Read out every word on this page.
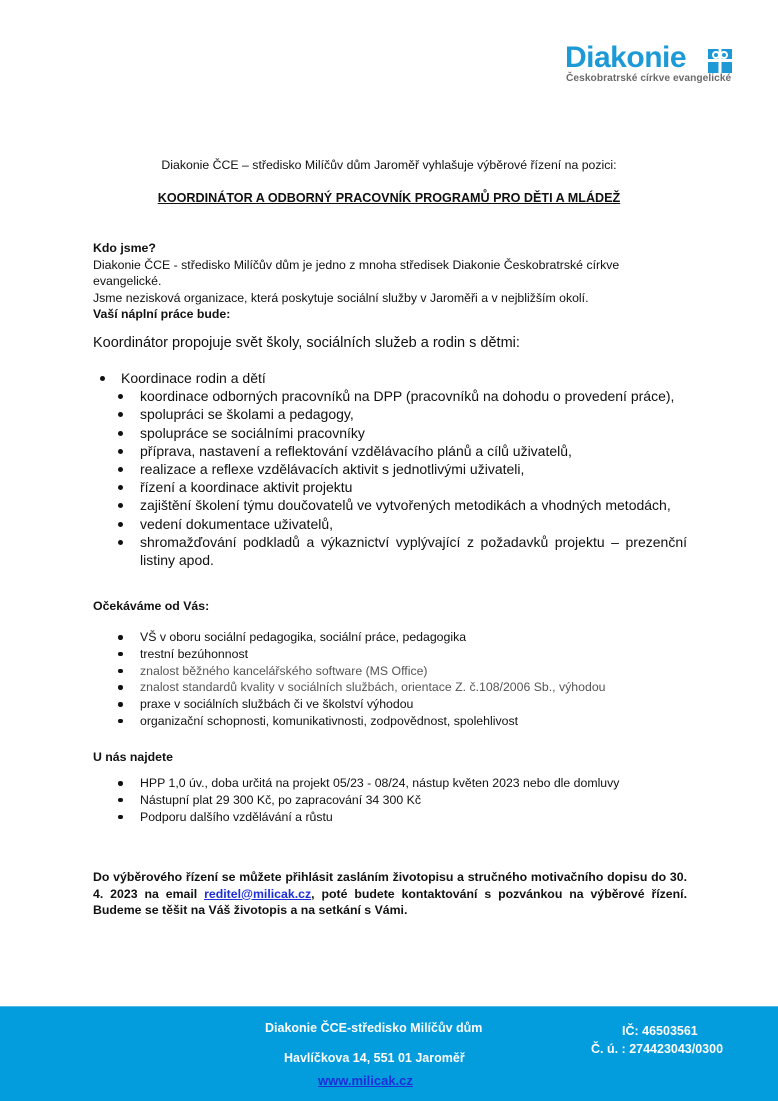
Diakonie
Českobratrské církve evangelické
Diakonie ČCE – středisko Milíčův dům Jaroměř vyhlašuje výběrové řízení na pozici:
KOORDINÁTOR A ODBORNÝ PRACOVNÍK PROGRAMŮ PRO DĚTI A MLÁDEŽ

Kdo jsme?

Diakonie ČCE - středisko Milíčův dům je jedno z mnoha středisek Diakonie Českobratrské církve evangelické.

Jsme nezisková organizace, která poskytuje sociální služby v Jaroměři a v nejbližším okolí.

Vaší náplní práce bude:

Koordinátor propojuje svět školy, sociálních služeb a rodin s dětmi:
Koordinace rodin a dětí
koordinace odborných pracovníků na DPP (pracovníků na dohodu o provedení práce),
spolupráci se školami a pedagogy,
spolupráce se sociálními pracovníky
příprava, nastavení a reflektování vzdělávacího plánů a cílů uživatelů,
realizace a reflexe vzdělávacích aktivit s jednotlivými uživateli,
řízení a koordinace aktivit projektu
zajištění školení týmu doučovatelů ve vytvořených metodikách a vhodných metodách,
vedení dokumentace uživatelů,
shromažďování podkladů a výkaznictví vyplývající z požadavků projektu – prezenční listiny apod.

Očekáváme od Vás:

VŠ v oboru sociální pedagogika, sociální práce, pedagogika
trestní bezúhonnost
znalost běžného kancelářského software (MS Office)
znalost standardů kvality v sociálních službách, orientace Z. č.108/2006 Sb., výhodou
praxe v sociálních službách či ve školství výhodou
organizační schopnosti, komunikativnosti, zodpovědnost, spolehlivost

U nás najdete

HPP 1,0 úv., doba určitá na projekt 05/23 - 08/24, nástup květen 2023 nebo dle domluvy
Nástupní plat 29 300 Kč, po zapracování 34 300 Kč
Podporu dalšího vzdělávání a růstu
Do výběrového řízení se můžete přihlásit zasláním životopisu a stručného motivačního dopisu do 30. 4. 2023 na email reditel@milicak.cz, poté budete kontaktování s pozvánkou na výběrové řízení. Budeme se těšit na Váš životopis a na setkání s Vámi.
Diakonie ČCE-středisko Milíčův dům
Havlíčkova 14, 551 01 Jaroměř
www.milicak.cz
IČ: 46503561
Č. ú. : 274423043/0300
